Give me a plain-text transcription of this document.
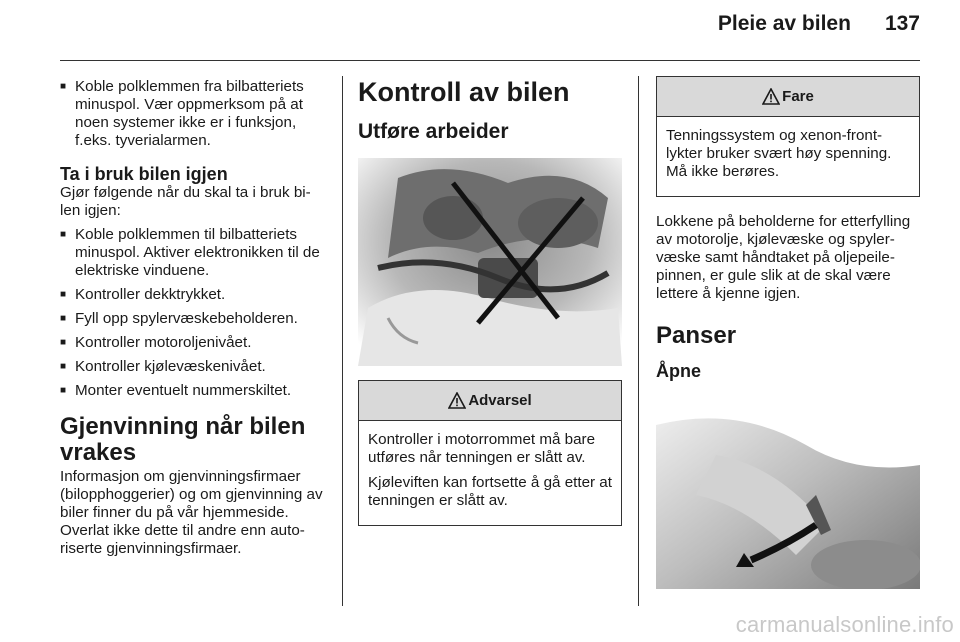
Pleie av bilen 137
■ Koble polklemmen fra bilbatteriets minuspol. Vær oppmerksom på at noen systemer ikke er i funksjon, f.eks. tyverialarmen.
Ta i bruk bilen igjen
Gjør følgende når du skal ta i bruk bi-len igjen:
■ Koble polklemmen til bilbatteriets minuspol. Aktiver elektronikken til de elektriske vinduene.
■ Kontroller dekktrykket.
■ Fyll opp spylervæskebeholderen.
■ Kontroller motoroljenivået.
■ Kontroller kjølevæskenivået.
■ Monter eventuelt nummerskiltet.
Gjenvinning når bilen vrakes
Informasjon om gjenvinningsfirmaer (bilopphoggerier) og om gjenvinning av biler finner du på vår hjemmeside. Overlat ikke dette til andre enn auto-riserte gjenvinningsfirmaer.
Kontroll av bilen
Utføre arbeider
Advarsel
Kontroller i motorrommet må bare utføres når tenningen er slått av.
Kjøleviften kan fortsette å gå etter at tenningen er slått av.
Fare
Tenningssystem og xenon-front-lykter bruker svært høy spenning. Må ikke berøres.
Lokkene på beholderne for etterfylling av motorolje, kjølevæske og spyler-væske samt håndtaket på oljepeile-pinnen, er gule slik at de skal være lettere å kjenne igjen.
Panser
Åpne
carmanualsonline.info
